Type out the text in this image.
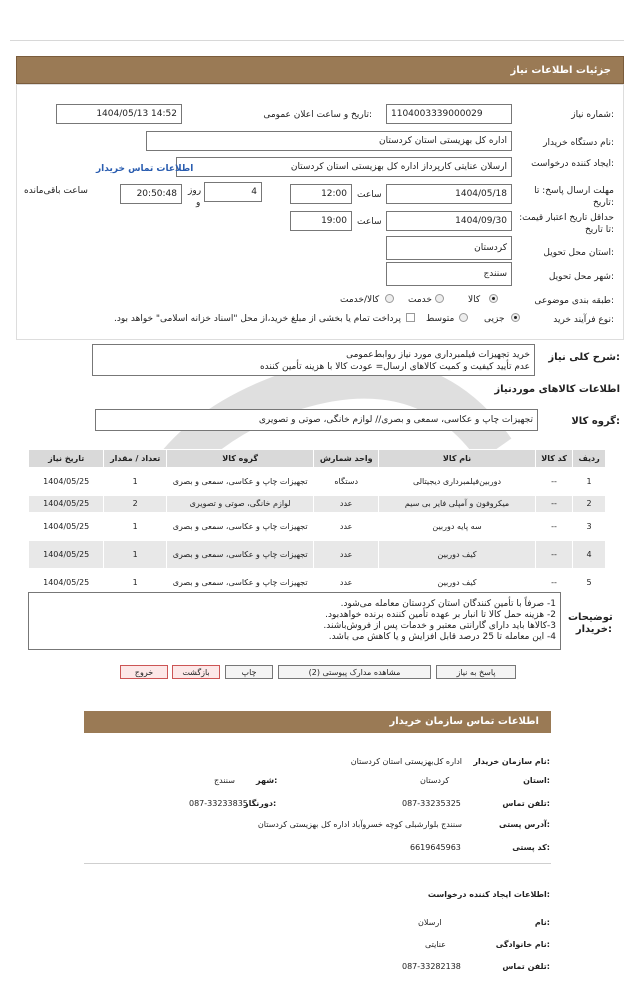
جزئیات اطلاعات نیاز
شماره نیاز:
1104003339000029
تاریخ و ساعت اعلان عمومی:
1404/05/13 14:52
نام دستگاه خریدار:
اداره کل بهزیستی استان کردستان
ایجاد کننده درخواست:
ارسلان عنایتی کارپرداز اداره کل بهزیستی استان کردستان
اطلاعات تماس خریدار
مهلت ارسال پاسخ: تا تاریخ:
1404/05/18
ساعت
12:00
4
روز
و
20:50:48
ساعت باقی‌مانده
حداقل تاریخ اعتبار قیمت: تا تاریخ:
1404/09/30
ساعت
19:00
استان محل تحویل:
کردستان
شهر محل تحویل:
سنندج
طبقه بندی موضوعی:
کالا
خدمت
کالا/خدمت
نوع فرآیند خرید:
جزیی
متوسط
پرداخت تمام یا بخشی از مبلغ خرید،از محل "اسناد خزانه اسلامی" خواهد بود.
شرح کلی نیاز:
خرید تجهیزات فیلمبرداری مورد نیاز روابط‌عمومی
عدم تأیید کیفیت و کمیت کالاهای ارسال= عودت کالا با هزینه تأمین کننده
اطلاعات کالاهای موردنیاز
گروه کالا:
تجهیزات چاپ و عکاسی، سمعی و بصری// لوازم خانگی، صوتی و تصویری
ردیف	کد کالا	نام کالا	واحد شمارش	گروه کالا	تعداد / مقدار	تاریخ نیاز
1	--	دوربین‌فیلمبرداری دیجیتالی	دستگاه	تجهیزات چاپ و عکاسی، سمعی و بصری	1	1404/05/25
2	--	میکروفون و آمپلی فایر بی سیم	عدد	لوازم خانگی، صوتی و تصویری	2	1404/05/25
3	--	سه پایه دوربین	عدد	تجهیزات چاپ و عکاسی، سمعی و بصری	1	1404/05/25
4	--	کیف دوربین	عدد	تجهیزات چاپ و عکاسی، سمعی و بصری	1	1404/05/25
5	--	کیف دوربین	عدد	تجهیزات چاپ و عکاسی، سمعی و بصری	1	1404/05/25
توضیحات خریدار:
1- صرفاً با تأمین کنندگان استان کردستان معامله می‌شود.
2- هزینه حمل کالا تا انبار بر عهده تأمین کننده برنده خواهدبود.
3-کالاها باید دارای گارانتی معتبر و خدمات پس از فروش‌باشند.
4- این معامله تا 25 درصد قابل افزایش و یا کاهش می باشد.
پاسخ به نیاز
مشاهده مدارک پیوستی (2)
چاپ
بازگشت
خروج
اطلاعات تماس سازمان خریدار
نام سازمان خریدار:
اداره کل‌بهزیستی استان کردستان
استان:
کردستان
شهر:
سنندج
تلفن تماس:
087-33235325
دورنگار:
087-33233835
آدرس پستی:
سنندج بلوارشبلی کوچه خسروآباد اداره کل بهزیستی کردستان
کد پستی:
6619645963
اطلاعات ایجاد کننده درخواست:
نام:
ارسلان
نام خانوادگی:
عنایتی
تلفن تماس:
087-33282138
